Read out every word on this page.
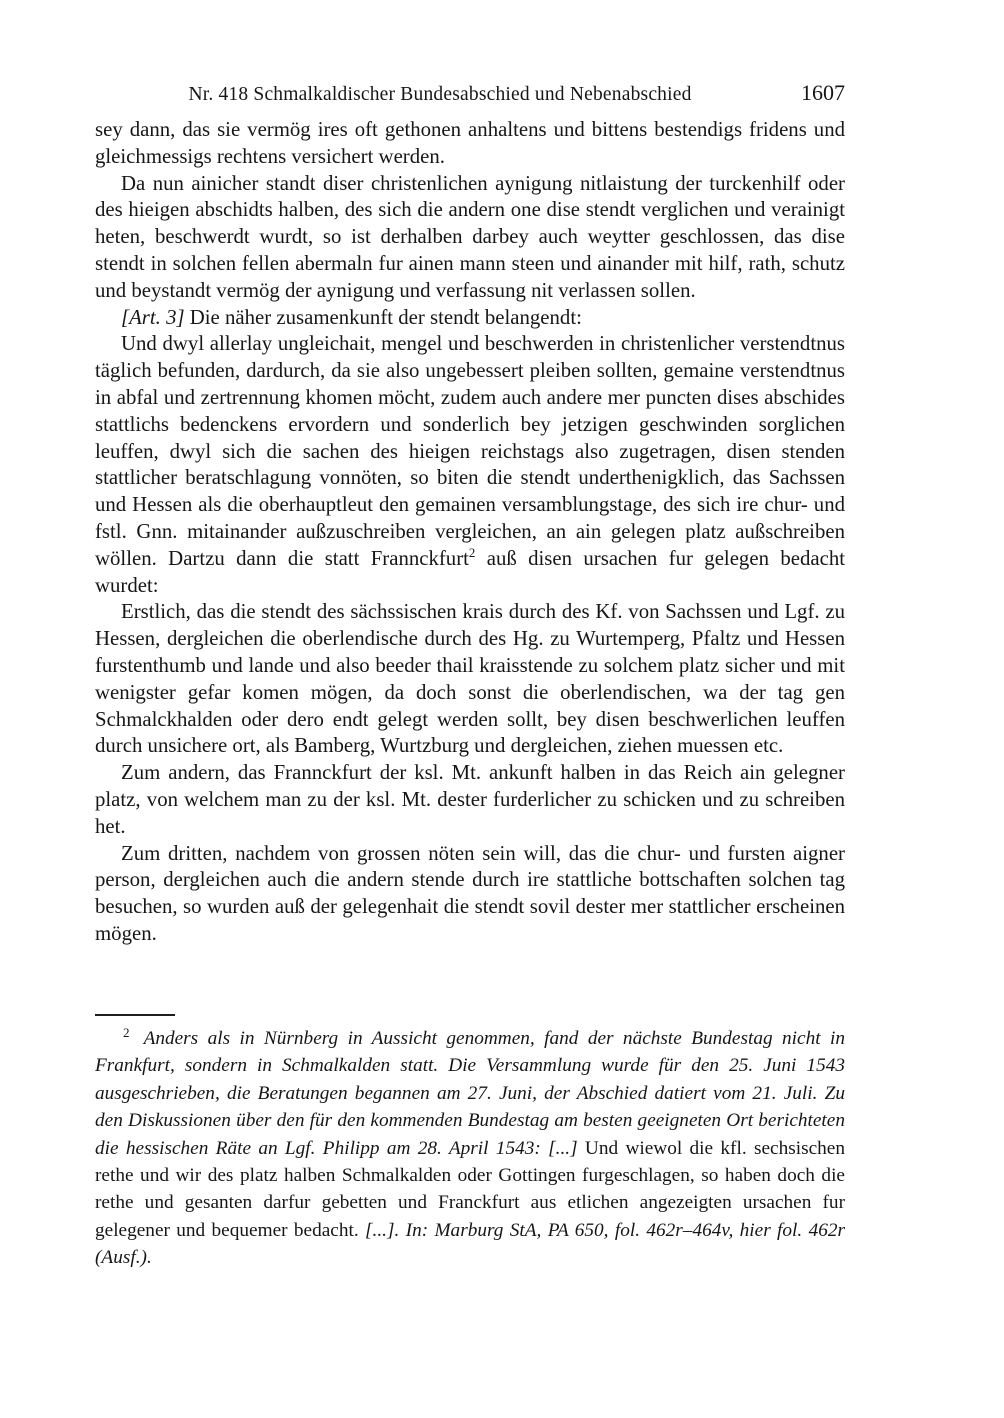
Nr. 418 Schmalkaldischer Bundesabschied und Nebenabschied	1607

sey dann, das sie vermög ires oft gethonen anhaltens und bittens bestendigs fridens und gleichmessigs rechtens versichert werden.

Da nun ainicher standt diser christenlichen aynigung nitlaistung der turckenhilf oder des hieigen abschidts halben, des sich die andern one dise stendt verglichen und verainigt heten, beschwerdt wurdt, so ist derhalben darbey auch weytter geschlossen, das dise stendt in solchen fellen abermaln fur ainen mann steen und ainander mit hilf, rath, schutz und beystandt vermög der aynigung und verfassung nit verlassen sollen.

[Art. 3] Die näher zusamenkunft der stendt belangendt:

Und dwyl allerlay ungleichait, mengel und beschwerden in christenlicher verstendtnus täglich befunden, dardurch, da sie also ungebessert pleiben sollten, gemaine verstendtnus in abfal und zertrennung khomen möcht, zudem auch andere mer puncten dises abschides stattlichs bedenckens ervordern und sonderlich bey jetzigen geschwinden sorglichen leuffen, dwyl sich die sachen des hieigen reichstags also zugetragen, disen stenden stattlicher beratschlagung vonnöten, so biten die stendt underthenigklich, das Sachssen und Hessen als die oberhauptleut den gemainen versamblungstage, des sich ire chur- und fstl. Gnn. mitainander außzuschreiben vergleichen, an ain gelegen platz außschreiben wöllen. Dartzu dann die statt Frannckfurt$^2$ auß disen ursachen fur gelegen bedacht wurdet:

Erstlich, das die stendt des sächssischen krais durch des Kf. von Sachssen und Lgf. zu Hessen, dergleichen die oberlendische durch des Hg. zu Wurtemperg, Pfaltz und Hessen furstenthumb und lande und also beeder thail kraisstende zu solchem platz sicher und mit wenigster gefar komen mögen, da doch sonst die oberlendischen, wa der tag gen Schmalckhalden oder dero endt gelegt werden sollt, bey disen beschwerlichen leuffen durch unsichere ort, als Bamberg, Wurtzburg und dergleichen, ziehen muessen etc.

Zum andern, das Frannckfurt der ksl. Mt. ankunft halben in das Reich ain gelegner platz, von welchem man zu der ksl. Mt. dester furderlicher zu schicken und zu schreiben het.

Zum dritten, nachdem von grossen nöten sein will, das die chur- und fursten aigner person, dergleichen auch die andern stende durch ire stattliche bottschaften solchen tag besuchen, so wurden auß der gelegenhait die stendt sovil dester mer stattlicher erscheinen mögen.

$^2$ Anders als in Nürnberg in Aussicht genommen, fand der nächste Bundestag nicht in Frankfurt, sondern in Schmalkalden statt. Die Versammlung wurde für den 25. Juni 1543 ausgeschrieben, die Beratungen begannen am 27. Juni, der Abschied datiert vom 21. Juli. Zu den Diskussionen über den für den kommenden Bundestag am besten geeigneten Ort berichteten die hessischen Räte an Lgf. Philipp am 28. April 1543: [...] Und wiewol die kfl. sechsischen rethe und wir des platz halben Schmalkalden oder Gottingen furgeschlagen, so haben doch die rethe und gesanten darfur gebetten und Franckfurt aus etlichen angezeigten ursachen fur gelegener und bequemer bedacht. [...]. In: Marburg StA, PA 650, fol. 462r–464v, hier fol. 462r (Ausf.).
